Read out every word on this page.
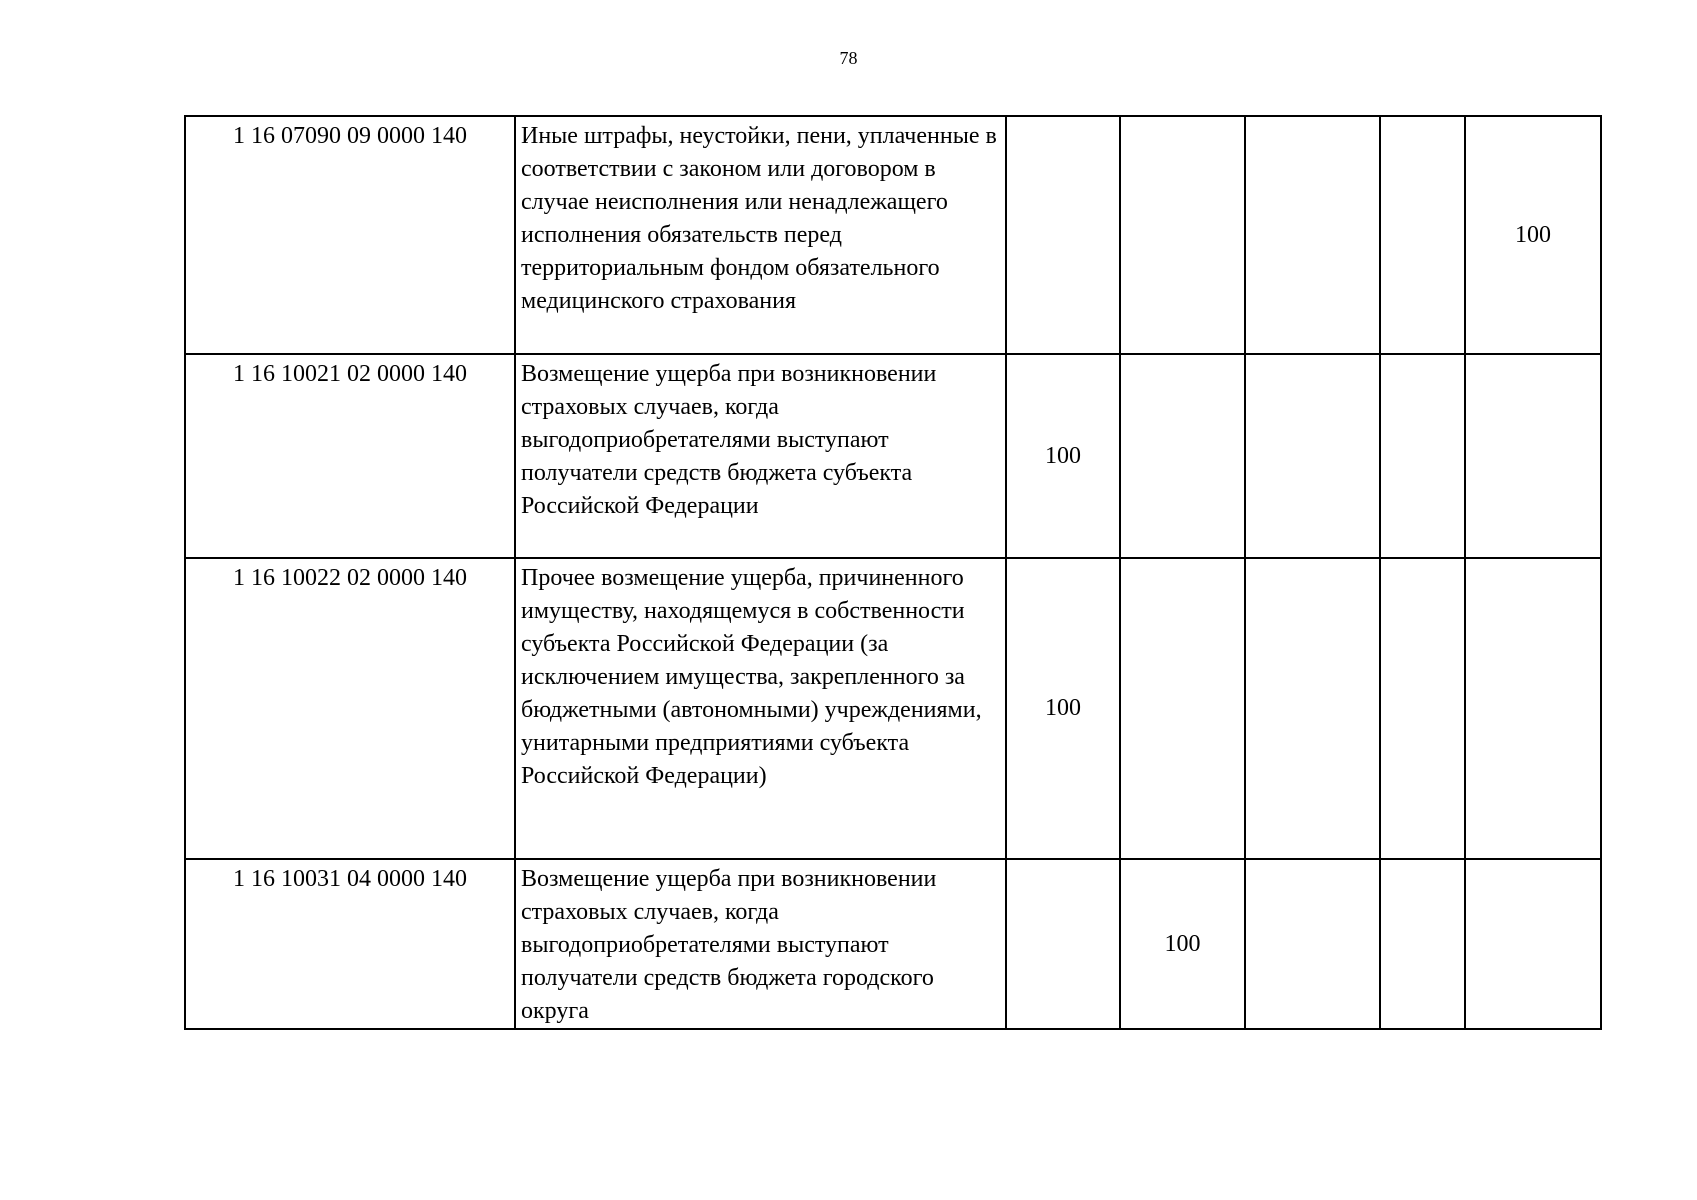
78
1 16 07090 09 0000 140	Иные штрафы, неустойки, пени, уплаченные в соответствии с законом или договором в случае неисполнения или ненадлежащего исполнения обязательств перед территориальным фондом обязательного медицинского страхования					100
1 16 10021 02 0000 140	Возмещение ущерба при возникновении страховых случаев, когда выгодоприобретателями выступают получатели средств бюджета субъекта Российской Федерации	100				
1 16 10022 02 0000 140	Прочее возмещение ущерба, причиненного имуществу, находящемуся в собственности субъекта Российской Федерации (за исключением имущества, закрепленного за бюджетными (автономными) учреждениями, унитарными предприятиями субъекта Российской Федерации)	100				
1 16 10031 04 0000 140	Возмещение ущерба при возникновении страховых случаев, когда выгодоприобретателями выступают получатели средств бюджета городского округа		100			
